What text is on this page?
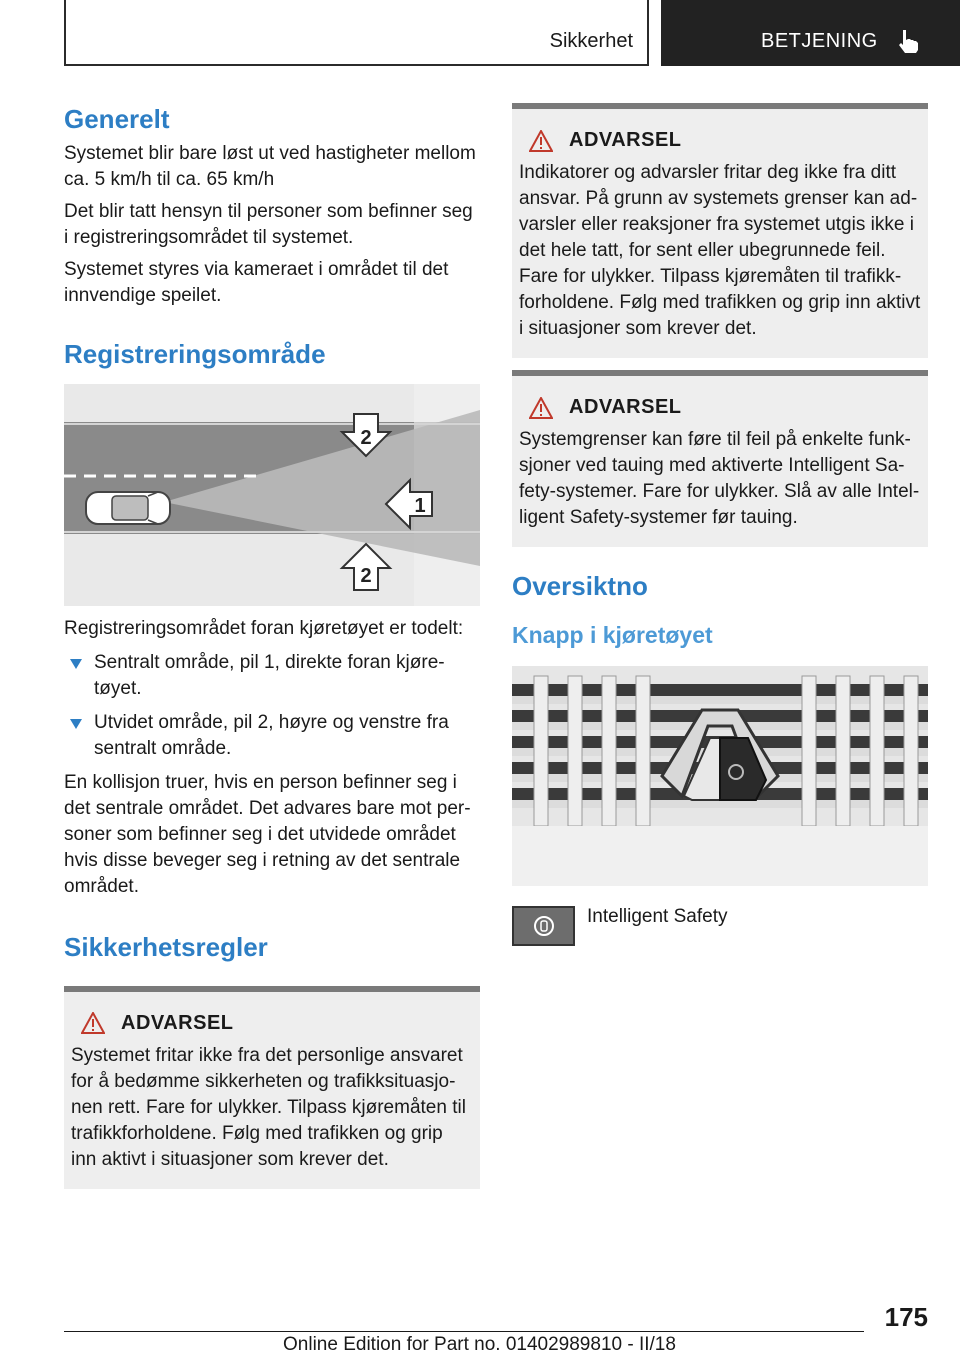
Sikkerhet	BETJENING
Generelt

Systemet blir bare løst ut ved hastigheter mellom ca. 5 km/h til ca. 65 km/h

Det blir tatt hensyn til personer som befinner seg i registreringsområdet til systemet.

Systemet styres via kameraet i området til det innvendige speilet.

Registreringsområde
2
1
2

Registreringsområdet foran kjøretøyet er todelt:

Sentralt område, pil 1, direkte foran kjøretøyet.
Utvidet område, pil 2, høyre og venstre fra sentralt område.

En kollisjon truer, hvis en person befinner seg i det sentrale området. Det advares bare mot personer som befinner seg i det utvidede området hvis disse beveger seg i retning av det sentrale området.

Sikkerhetsregler
ADVARSEL

Systemet fritar ikke fra det personlige ansvaret for å bedømme sikkerheten og trafikksituasjonen rett. Fare for ulykker. Tilpass kjøremåten til trafikkforholdene. Følg med trafikken og grip inn aktivt i situasjoner som krever det.

ADVARSEL

Indikatorer og advarsler fritar deg ikke fra ditt ansvar. På grunn av systemets grenser kan advarsler eller reaksjoner fra systemet utgis ikke i det hele tatt, for sent eller ubegrunnede feil. Fare for ulykker. Tilpass kjøremåten til trafikkforholdene. Følg med trafikken og grip inn aktivt i situasjoner som krever det.

ADVARSEL

Systemgrenser kan føre til feil på enkelte funksjoner ved tauing med aktiverte Intelligent Safety-systemer. Fare for ulykker. Slå av alle Intelligent Safety-systemer før tauing.

Oversiktno
Knapp i kjøretøyet

Intelligent Safety

175
Online Edition for Part no. 01402989810 - II/18
